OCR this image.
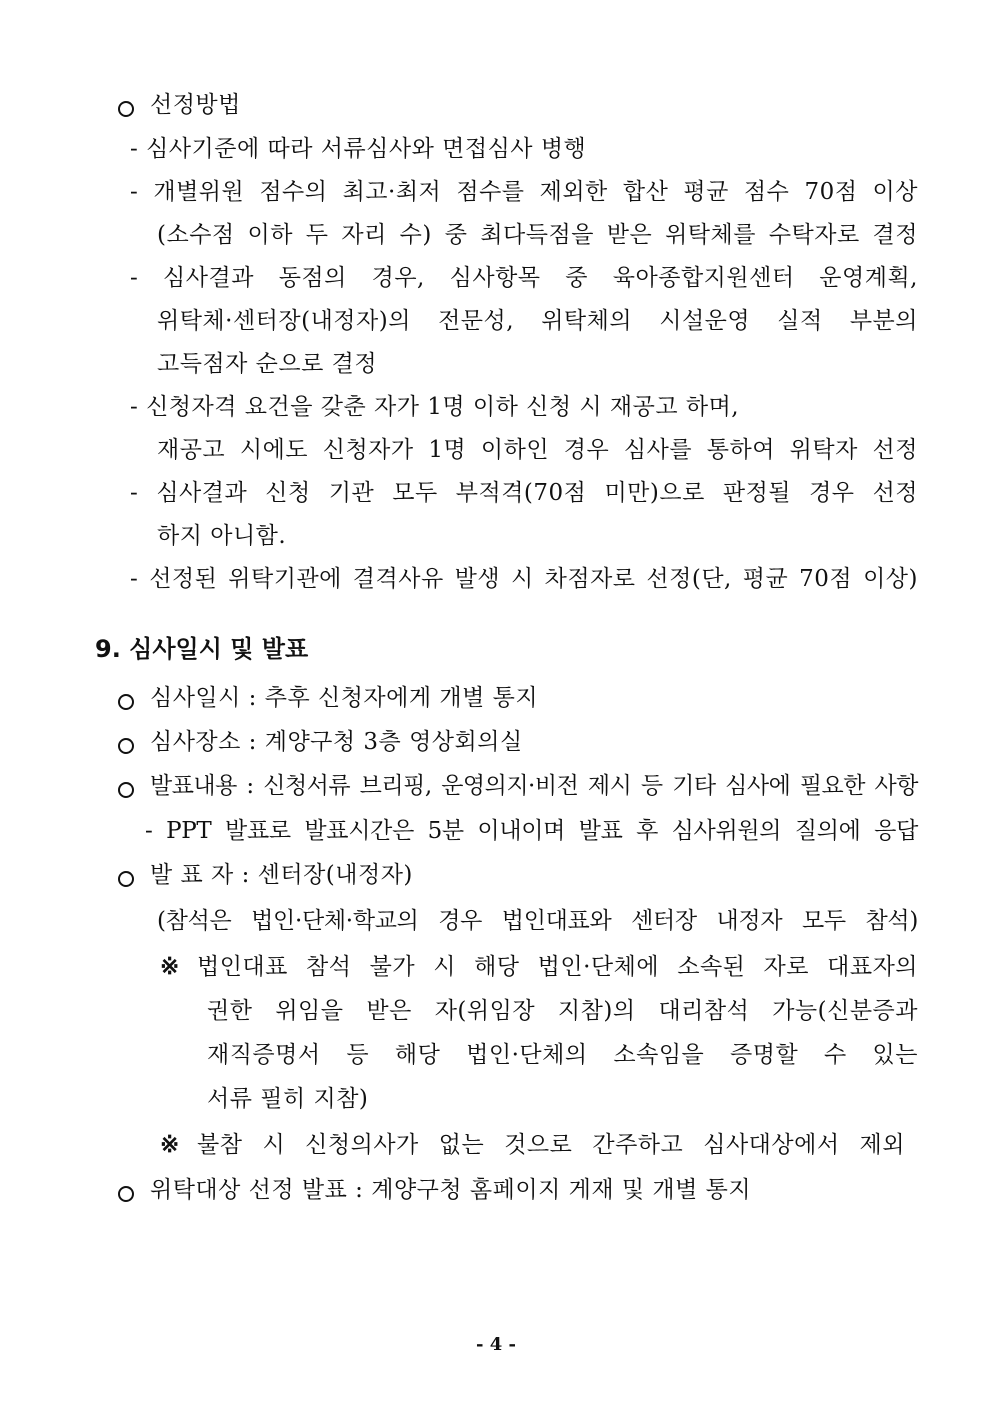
선정방법
- 심사기준에 따라 서류심사와 면접심사 병행
- 개별위원 점수의 최고·최저 점수를 제외한 합산 평균 점수 70점 이상
(소수점 이하 두 자리 수) 중 최다득점을 받은 위탁체를 수탁자로 결정
- 심사결과 동점의 경우, 심사항목 중 육아종합지원센터 운영계획,
위탁체·센터장(내정자)의 전문성, 위탁체의 시설운영 실적 부분의
고득점자 순으로 결정
- 신청자격 요건을 갖춘 자가 1명 이하 신청 시 재공고 하며,
재공고 시에도 신청자가 1명 이하인 경우 심사를 통하여 위탁자 선정
- 심사결과 신청 기관 모두 부적격(70점 미만)으로 판정될 경우 선정
하지 아니함.
- 선정된 위탁기관에 결격사유 발생 시 차점자로 선정(단, 평균 70점 이상)
9. 심사일시 및 발표
심사일시 : 추후 신청자에게 개별 통지
심사장소 : 계양구청 3층 영상회의실
발표내용 : 신청서류 브리핑, 운영의지·비전 제시 등 기타 심사에 필요한 사항
- PPT 발표로 발표시간은 5분 이내이며 발표 후 심사위원의 질의에 응답
발 표 자 : 센터장(내정자)
(참석은 법인·단체·학교의 경우 법인대표와 센터장 내정자 모두 참석)
※ 법인대표 참석 불가 시 해당 법인·단체에 소속된 자로 대표자의
권한 위임을 받은 자(위임장 지참)의 대리참석 가능(신분증과
재직증명서 등 해당 법인·단체의 소속임을 증명할 수 있는
서류 필히 지참)
※ 불참 시 신청의사가 없는 것으로 간주하고 심사대상에서 제외
위탁대상 선정 발표 : 계양구청 홈페이지 게재 및 개별 통지
- 4 -
